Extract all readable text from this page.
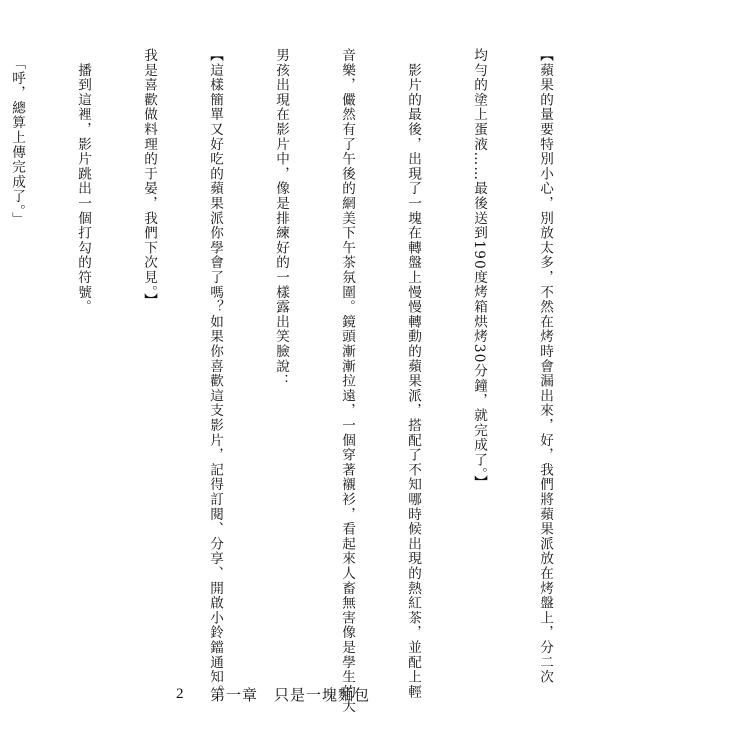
【蘋果的量要特別小心，別放太多，不然在烤時會漏出來，好，我們將蘋果派放在烤盤上，分二次

均勻的塗上蛋液……最後送到190度烤箱烘烤30分鐘，就完成了。】

　影片的最後，出現了一塊在轉盤上慢慢轉動的蘋果派，搭配了不知哪時候出現的熱紅茶，並配上輕

音樂，儼然有了午後的網美下午茶氛圍。鏡頭漸漸拉遠，一個穿著襯衫，看起來人畜無害像是學生的大

男孩出現在影片中，像是排練好的一樣露出笑臉說：

【這樣簡單又好吃的蘋果派你學會了嗎？如果你喜歡這支影片，記得訂閱、分享、開啟小鈴鐺通知。

我是喜歡做料理的于晏，我們下次見。】

　播到這裡，影片跳出一個打勾的符號。

　「呼，總算上傳完成了。」

2 第一章　只是一塊麵包
